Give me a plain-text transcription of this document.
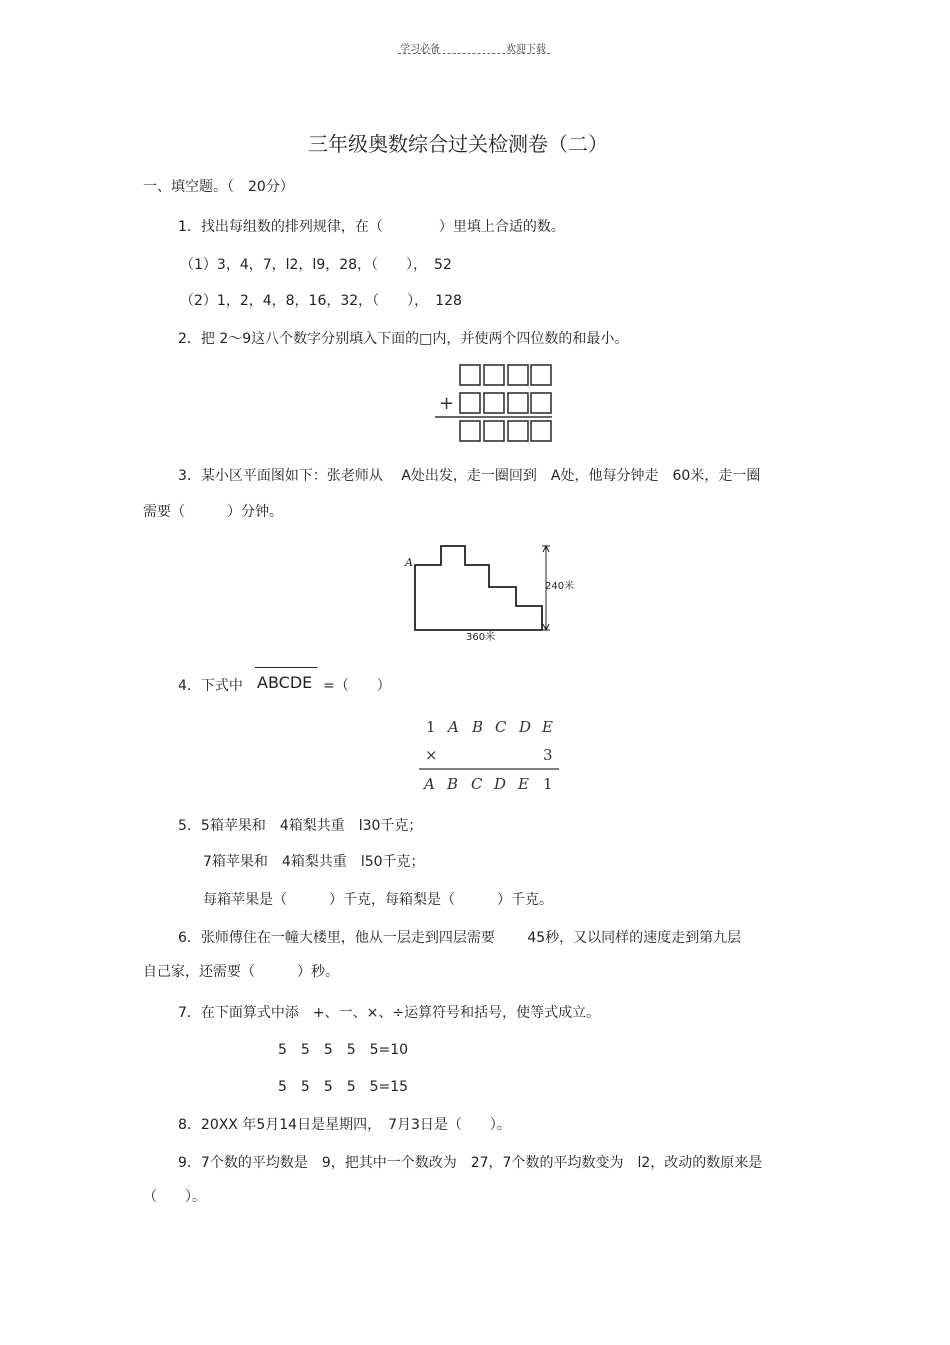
学习必备	欢迎下载
三年级奥数综合过关检测卷（二）
一、填空题。（　20分）
1．找出每组数的排列规律，在（　　　　）里填上合适的数。
（1）3，4，7，l2，l9，28，（　　），　52
（2）1，2，4，8，16，32，（　　），　128
2．把 2～9这八个数字分别填入下面的□内，并使两个四位数的和最小。
+
3．某小区平面图如下：张老师从　 A处出发，走一圈回到　A处，他每分钟走　60米，走一圈
需要（　　　）分钟。
A
240米
360米
4．下式中 ABCDE =（　　）
1 A B C D E
×	3
A B C D E 1
5．5箱苹果和　4箱梨共重　l30千克；
7箱苹果和　4箱梨共重　l50千克；
每箱苹果是（　　　）千克，每箱梨是（　　　）千克。
6．张师傅住在一幢大楼里，他从一层走到四层需要　　 45秒，又以同样的速度走到第九层
自己家，还需要（　　　）秒。
7．在下面算式中添　+、一、×、÷运算符号和括号，使等式成立。
5　5　5　5　5=10
5　5　5　5　5=15
8．20XX 年5月14日是星期四，　7月3日是（　　）。
9．7个数的平均数是　9，把其中一个数改为　27，7个数的平均数变为　l2，改动的数原来是
（　　）。
